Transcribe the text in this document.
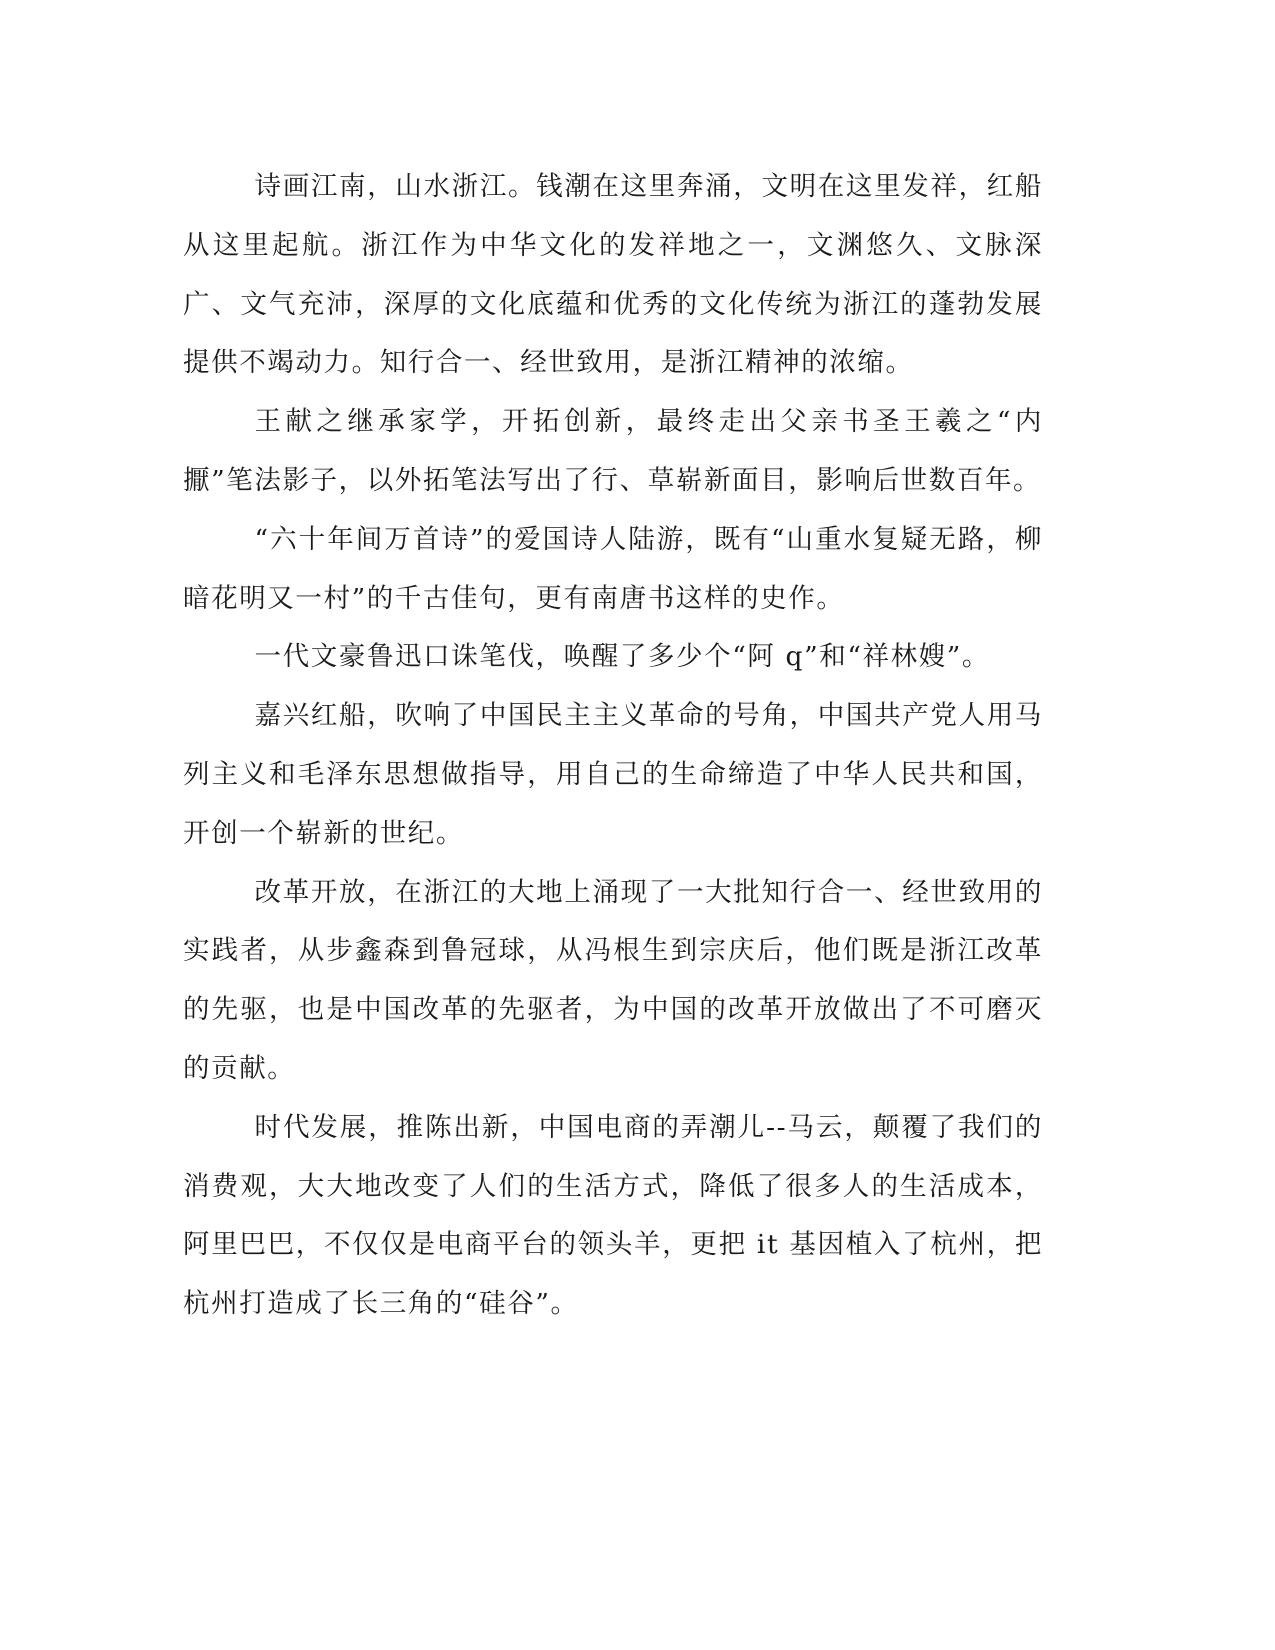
诗画江南，山水浙江。钱潮在这里奔涌，文明在这里发祥，红船从这里起航。浙江作为中华文化的发祥地之一，文渊悠久、文脉深广、文气充沛，深厚的文化底蕴和优秀的文化传统为浙江的蓬勃发展提供不竭动力。知行合一、经世致用，是浙江精神的浓缩。

王献之继承家学，开拓创新，最终走出父亲书圣王羲之“内擫”笔法影子，以外拓笔法写出了行、草崭新面目，影响后世数百年。

“六十年间万首诗”的爱国诗人陆游，既有“山重水复疑无路，柳暗花明又一村”的千古佳句，更有南唐书这样的史作。

一代文豪鲁迅口诛笔伐，唤醒了多少个“阿 q”和“祥林嫂”。

嘉兴红船，吹响了中国民主主义革命的号角，中国共产党人用马列主义和毛泽东思想做指导，用自己的生命缔造了中华人民共和国，开创一个崭新的世纪。

改革开放，在浙江的大地上涌现了一大批知行合一、经世致用的实践者，从步鑫森到鲁冠球，从冯根生到宗庆后，他们既是浙江改革的先驱，也是中国改革的先驱者，为中国的改革开放做出了不可磨灭的贡献。

时代发展，推陈出新，中国电商的弄潮儿--马云，颠覆了我们的消费观，大大地改变了人们的生活方式，降低了很多人的生活成本，阿里巴巴，不仅仅是电商平台的领头羊，更把 it 基因植入了杭州，把杭州打造成了长三角的“硅谷”。
